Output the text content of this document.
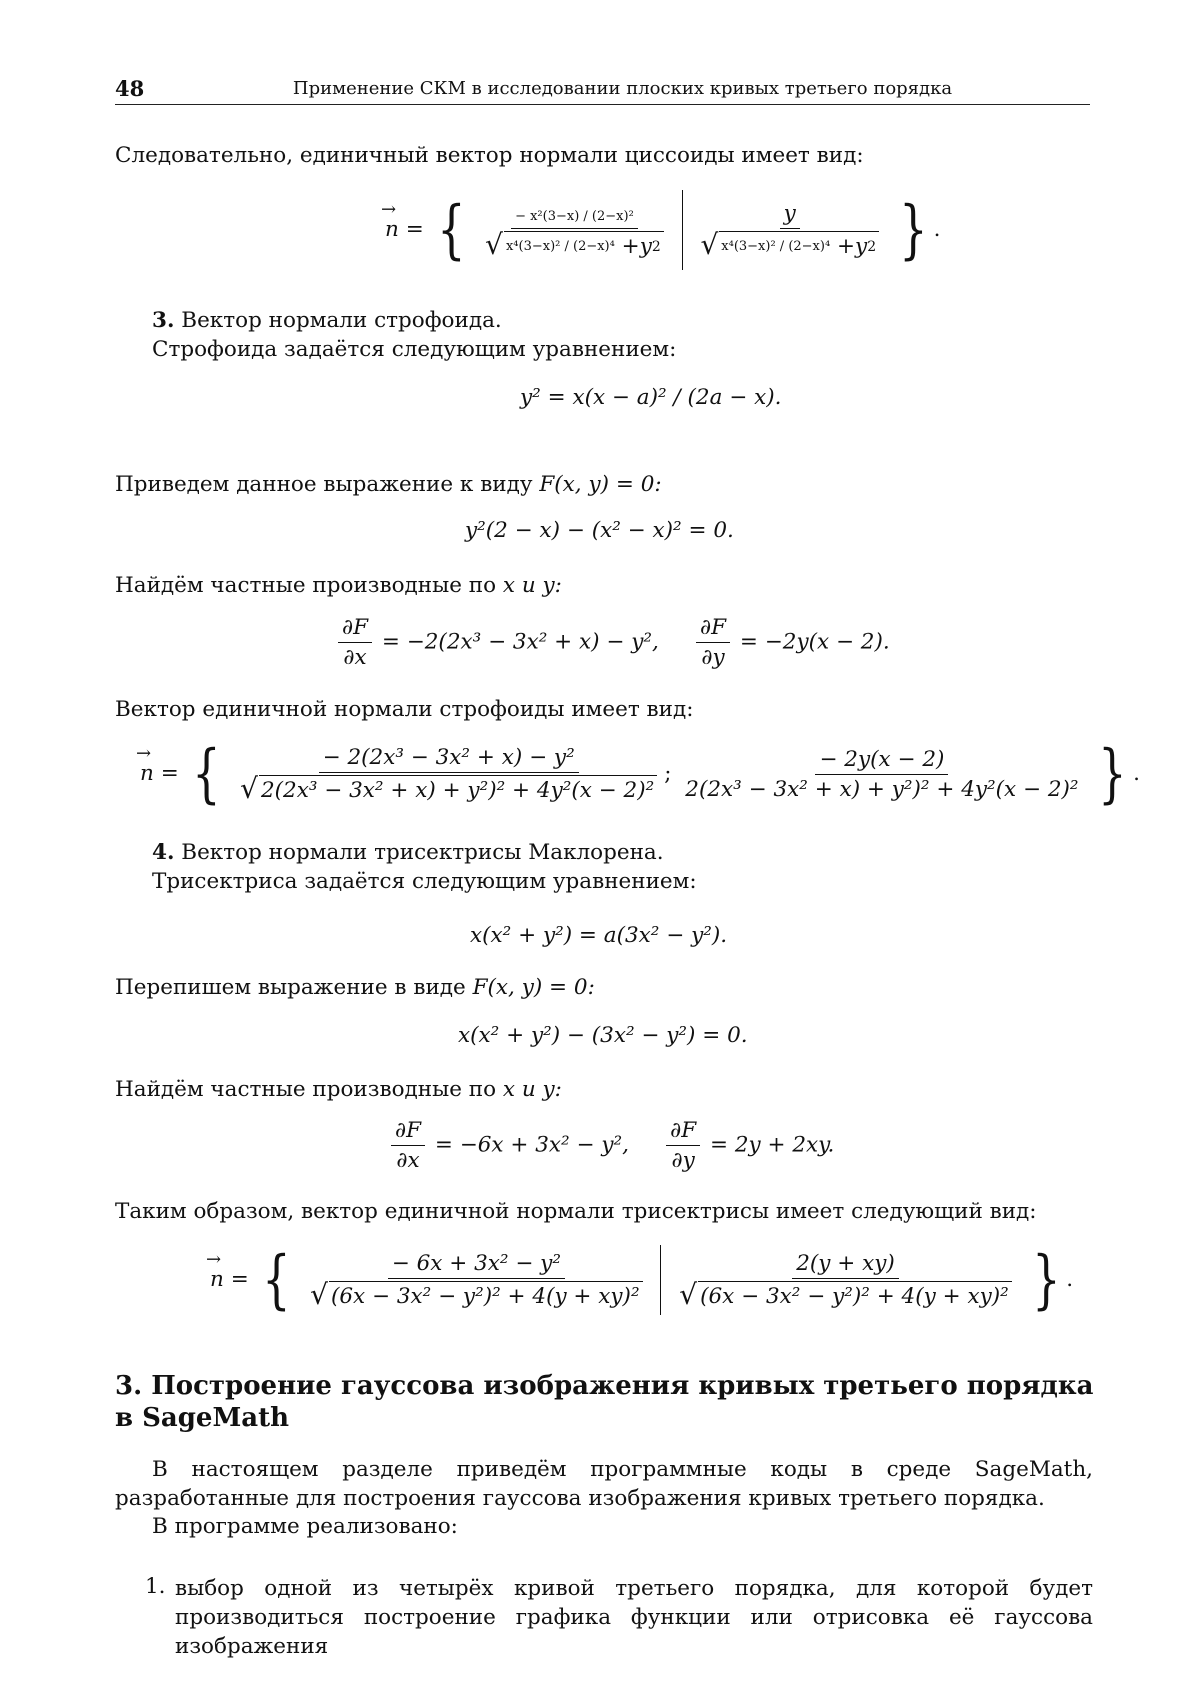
48	Применение СКМ в исследовании плоских кривых третьего порядка
Следовательно, единичный вектор нормали циссоиды имеет вид:
→ n = { $\frac{\text{− x²(3−x) / (2−x)²}}{\text{√ x⁴(3−x)² / (2−x)⁴ + y 2}}$
$\frac{y}{\text{√ x⁴(3−x)² / (2−x)⁴ + y 2}}$ } .
3. Вектор нормали строфоида.
Строфоида задаётся следующим уравнением:
y² = x(x − a)² / (2a − x).
Приведем данное выражение к виду F(x, y) = 0:
y²(2 − x) − (x² − x)² = 0.
Найдём частные производные по x и y:
$\frac{\partial F}{\partial x} = -2(2x^3 - 3x^2 + x) - y^2$, $\frac{\partial F}{\partial y} = -2y(x - 2)$.
Вектор единичной нормали строфоиды имеет вид:
→ n = { $\frac{\text{− 2(2x³ − 3x² + x) − y²}}{\text{√ 2(2x³ − 3x² + x) + y²)² + 4y²(x − 2)²}}$ ; $\frac{- 2y(x - 2)}{\text{2(2x³ − 3x² + x) + y²)² + 4y²(x − 2)²}}$ } .
4. Вектор нормали трисектрисы Маклорена.
Трисектриса задаётся следующим уравнением:
x(x² + y²) = a(3x² − y²).
Перепишем выражение в виде F(x, y) = 0:
x(x² + y²) − (3x² − y²) = 0.
Найдём частные производные по x и y:
$\frac{\partial F}{\partial x} = -6x + 3x^2 - y^2$, $\frac{\partial F}{\partial y} = 2y + 2xy$.
Таким образом, вектор единичной нормали трисектрисы имеет следующий вид:
→ n = { $\frac{\text{− 6x + 3x² − y²}}{\text{√ (6x − 3x² − y²)² + 4(y + xy)²}}$
$\frac{2(y + xy)}{\text{√ (6x − 3x² − y²)² + 4(y + xy)²}}$ } .
3. Построение гауссова изображения кривых третьего порядка в SageMath
В настоящем разделе приведём программные коды в среде SageMath, разработанные для построения гауссова изображения кривых третьего порядка.
В программе реализовано:
1. выбор одной из четырёх кривой третьего порядка, для которой будет производиться построение графика функции или отрисовка её гауссова изображения
